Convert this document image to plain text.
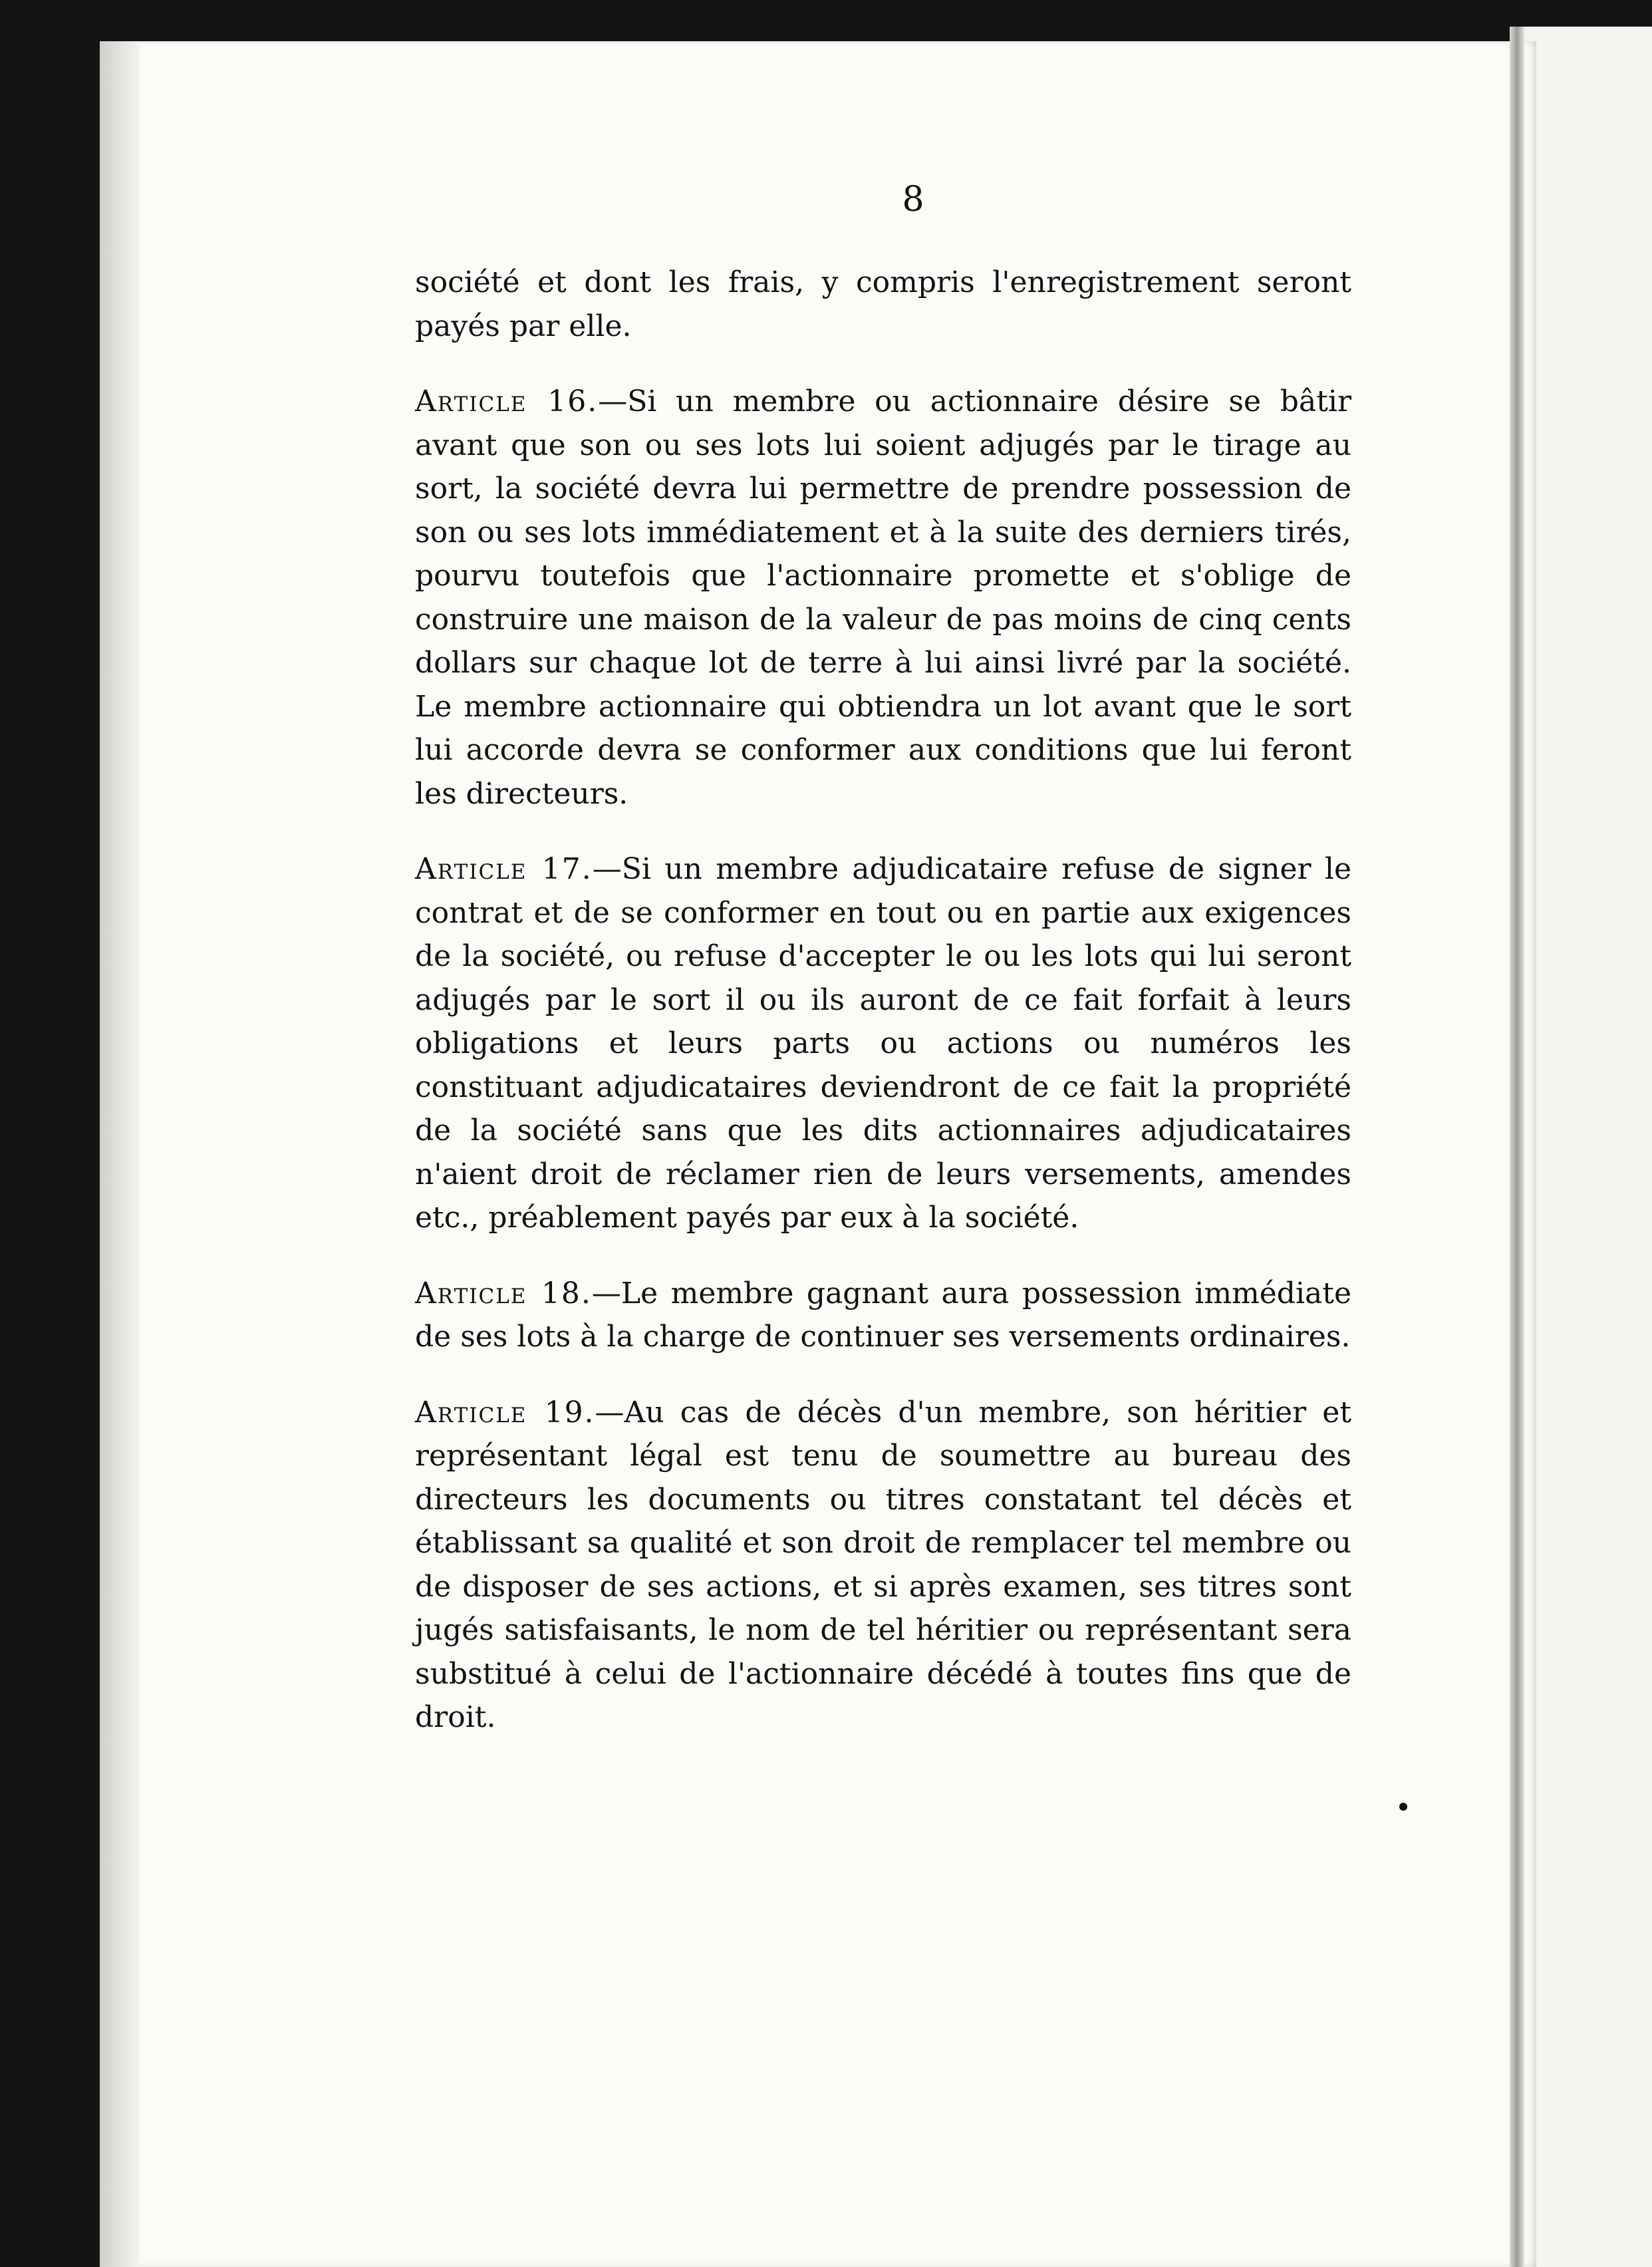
8

société et dont les frais, y compris l'enregistrement seront payés par elle.

Article 16.—Si un membre ou actionnaire désire se bâtir avant que son ou ses lots lui soient adjugés par le tirage au sort, la société devra lui permettre de prendre possession de son ou ses lots immédiatement et à la suite des derniers tirés, pourvu toutefois que l'actionnaire promette et s'oblige de construire une maison de la valeur de pas moins de cinq cents dollars sur chaque lot de terre à lui ainsi livré par la société. Le membre actionnaire qui obtiendra un lot avant que le sort lui accorde devra se conformer aux conditions que lui feront les directeurs.

Article 17.—Si un membre adjudicataire refuse de signer le contrat et de se conformer en tout ou en partie aux exigences de la société, ou refuse d'accepter le ou les lots qui lui seront adjugés par le sort il ou ils auront de ce fait forfait à leurs obligations et leurs parts ou actions ou numéros les constituant adjudicataires deviendront de ce fait la propriété de la société sans que les dits actionnaires adjudicataires n'aient droit de réclamer rien de leurs versements, amendes etc., préablement payés par eux à la société.

Article 18.—Le membre gagnant aura possession immédiate de ses lots à la charge de continuer ses versements ordinaires.

Article 19.—Au cas de décès d'un membre, son héritier et représentant légal est tenu de soumettre au bureau des directeurs les documents ou titres constatant tel décès et établissant sa qualité et son droit de remplacer tel membre ou de disposer de ses actions, et si après examen, ses titres sont jugés satisfaisants, le nom de tel héritier ou représentant sera substitué à celui de l'actionnaire décédé à toutes fins que de droit.
